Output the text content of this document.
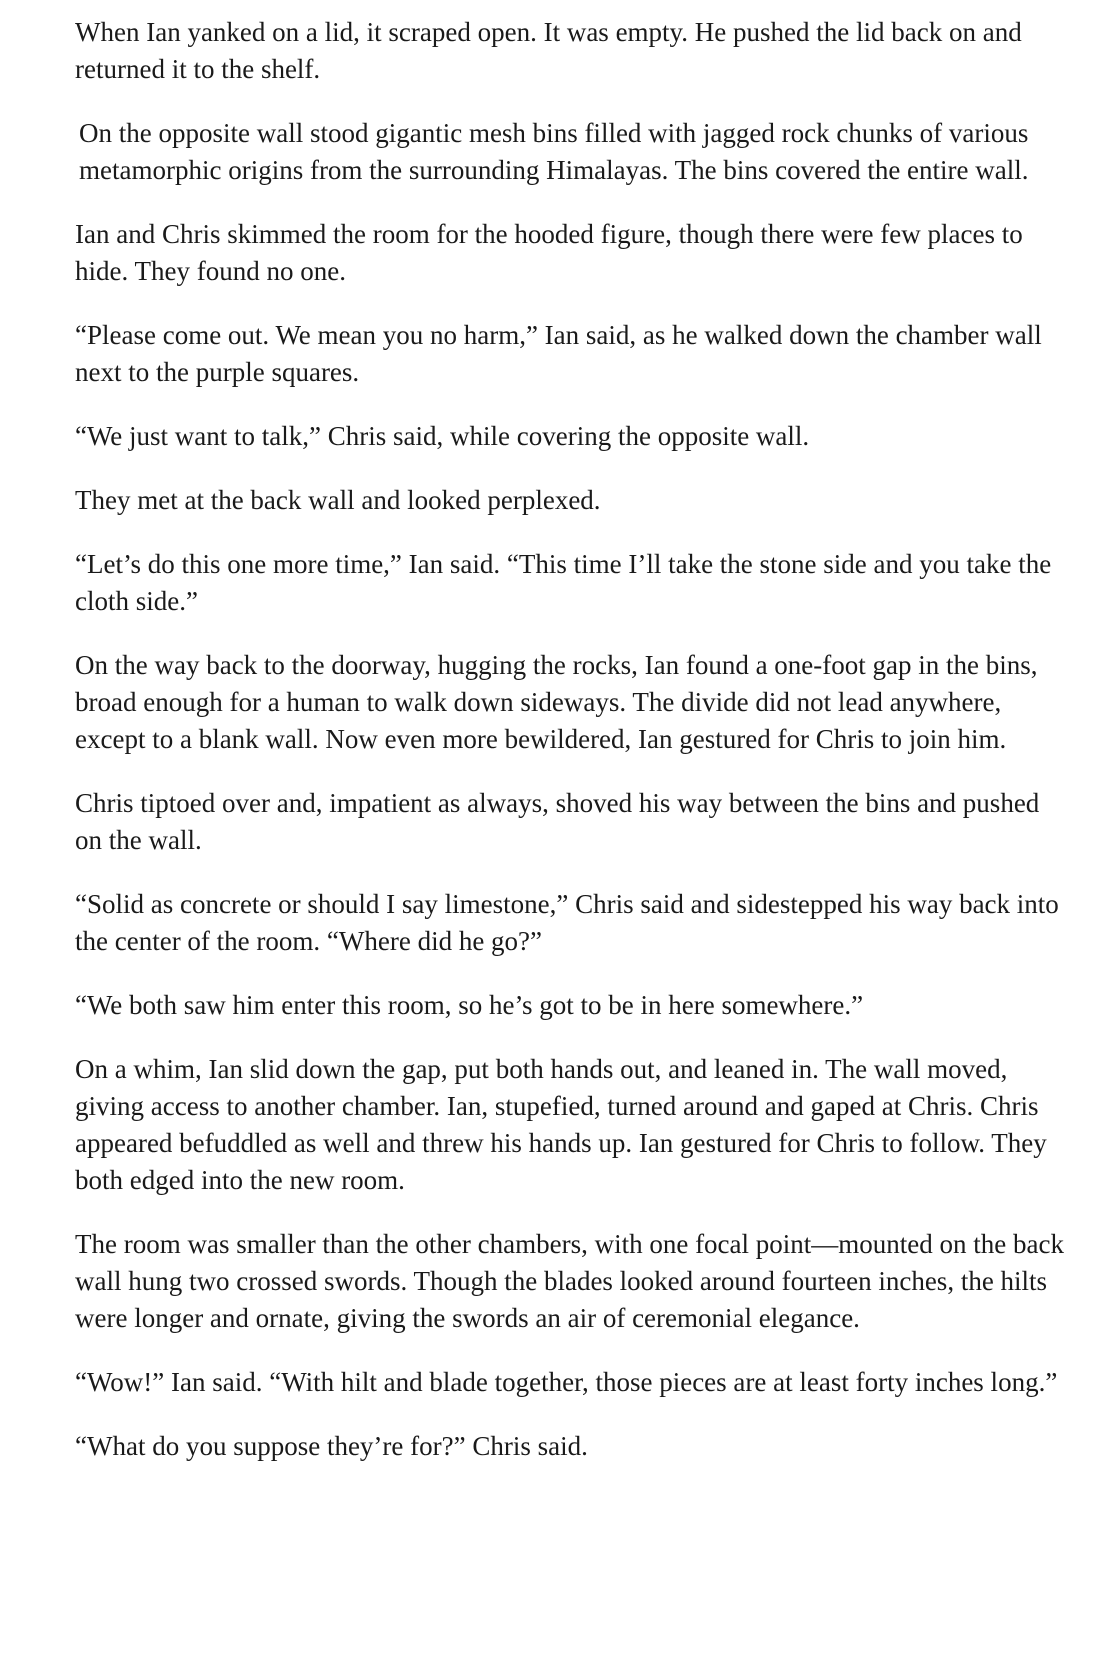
When Ian yanked on a lid, it scraped open. It was empty. He pushed the lid back on and returned it to the shelf.

On the opposite wall stood gigantic mesh bins filled with jagged rock chunks of various metamorphic origins from the surrounding Himalayas. The bins covered the entire wall.

Ian and Chris skimmed the room for the hooded figure, though there were few places to hide. They found no one.

“Please come out. We mean you no harm,” Ian said, as he walked down the chamber wall next to the purple squares.

“We just want to talk,” Chris said, while covering the opposite wall.

They met at the back wall and looked perplexed.

“Let’s do this one more time,” Ian said. “This time I’ll take the stone side and you take the cloth side.”

On the way back to the doorway, hugging the rocks, Ian found a one-foot gap in the bins, broad enough for a human to walk down sideways. The divide did not lead anywhere, except to a blank wall. Now even more bewildered, Ian gestured for Chris to join him.

Chris tiptoed over and, impatient as always, shoved his way between the bins and pushed on the wall.

“Solid as concrete or should I say limestone,” Chris said and sidestepped his way back into the center of the room. “Where did he go?”

“We both saw him enter this room, so he’s got to be in here somewhere.”

On a whim, Ian slid down the gap, put both hands out, and leaned in. The wall moved, giving access to another chamber. Ian, stupefied, turned around and gaped at Chris. Chris appeared befuddled as well and threw his hands up. Ian gestured for Chris to follow. They both edged into the new room.

The room was smaller than the other chambers, with one focal point—mounted on the back wall hung two crossed swords. Though the blades looked around fourteen inches, the hilts were longer and ornate, giving the swords an air of ceremonial elegance.

“Wow!” Ian said. “With hilt and blade together, those pieces are at least forty inches long.”

“What do you suppose they’re for?” Chris said.
